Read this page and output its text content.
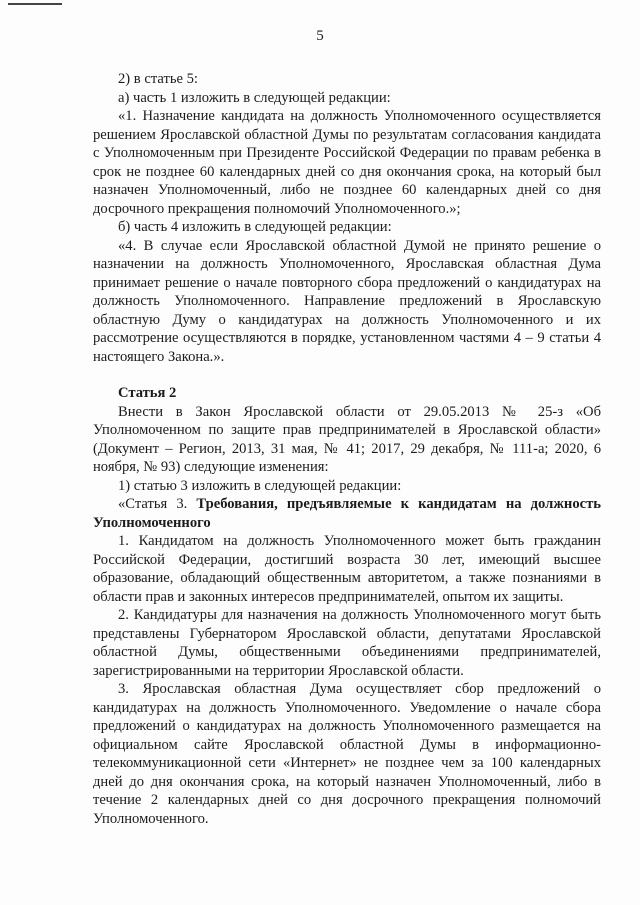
5

2) в статье 5:

а) часть 1 изложить в следующей редакции:

«1. Назначение кандидата на должность Уполномоченного осуществляется решением Ярославской областной Думы по результатам согласования кандидата с Уполномоченным при Президенте Российской Федерации по правам ребенка в срок не позднее 60 календарных дней со дня окончания срока, на который был назначен Уполномоченный, либо не позднее 60 календарных дней со дня досрочного прекращения полномочий Уполномоченного.»;

б) часть 4 изложить в следующей редакции:

«4. В случае если Ярославской областной Думой не принято решение о назначении на должность Уполномоченного, Ярославская областная Дума принимает решение о начале повторного сбора предложений о кандидатурах на должность Уполномоченного. Направление предложений в Ярославскую областную Думу о кандидатурах на должность Уполномоченного и их рассмотрение осуществляются в порядке, установленном частями 4 – 9 статьи 4 настоящего Закона.».

Статья 2

Внести в Закон Ярославской области от 29.05.2013 № 25-з «Об Уполномоченном по защите прав предпринимателей в Ярославской области» (Документ – Регион, 2013, 31 мая, № 41; 2017, 29 декабря, № 111-а; 2020, 6 ноября, № 93) следующие изменения:

1) статью 3 изложить в следующей редакции:

«Статья 3. Требования, предъявляемые к кандидатам на должность Уполномоченного

1. Кандидатом на должность Уполномоченного может быть гражданин Российской Федерации, достигший возраста 30 лет, имеющий высшее образование, обладающий общественным авторитетом, а также познаниями в области прав и законных интересов предпринимателей, опытом их защиты.

2. Кандидатуры для назначения на должность Уполномоченного могут быть представлены Губернатором Ярославской области, депутатами Ярославской областной Думы, общественными объединениями предпринимателей, зарегистрированными на территории Ярославской области.

3. Ярославская областная Дума осуществляет сбор предложений о кандидатурах на должность Уполномоченного. Уведомление о начале сбора предложений о кандидатурах на должность Уполномоченного размещается на официальном сайте Ярославской областной Думы в информационно-телекоммуникационной сети «Интернет» не позднее чем за 100 календарных дней до дня окончания срока, на который назначен Уполномоченный, либо в течение 2 календарных дней со дня досрочного прекращения полномочий Уполномоченного.
